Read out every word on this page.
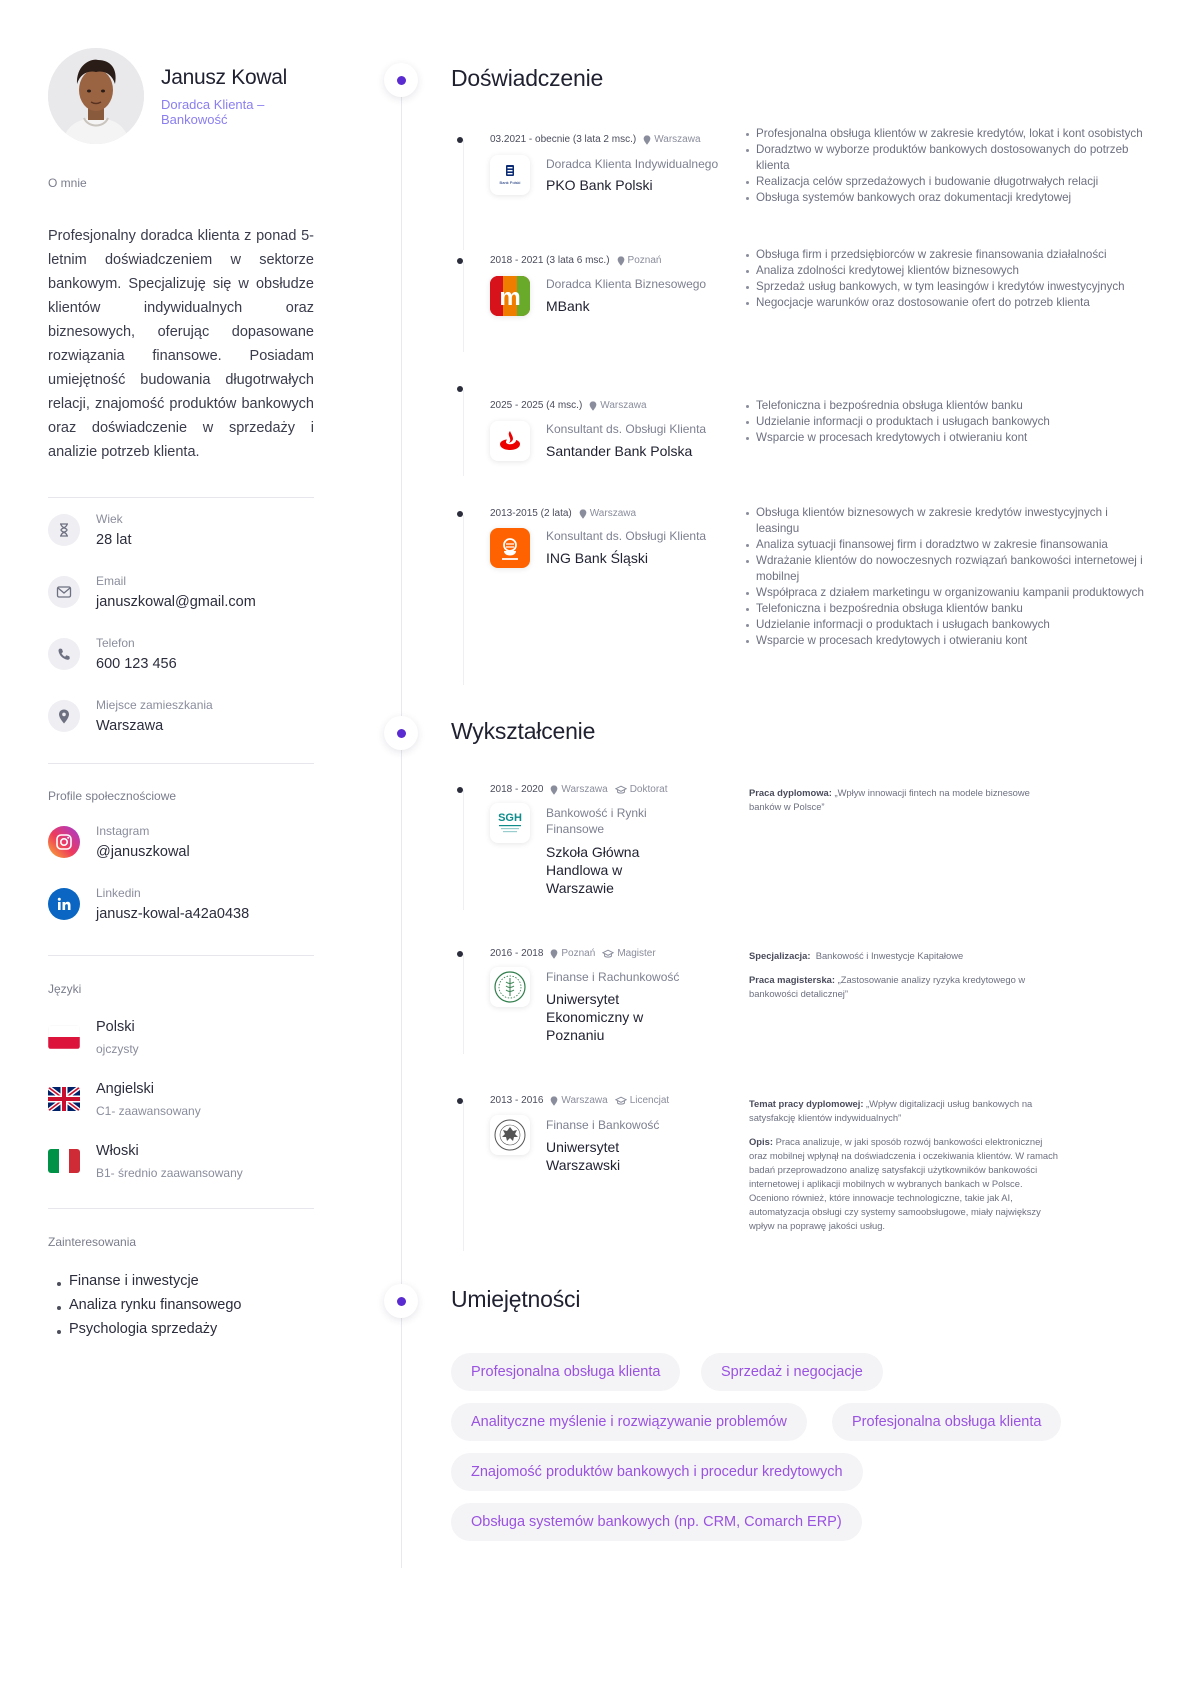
Janusz Kowal
Doradca Klienta – Bankowość
O mnie

Profesjonalny doradca klienta z ponad 5-letnim doświadczeniem w sektorze bankowym. Specjalizuję się w obsłudze klientów indywidualnych oraz biznesowych, oferując dopasowane rozwiązania finansowe. Posiadam umiejętność budowania długotrwałych relacji, znajomość produktów bankowych oraz doświadczenie w sprzedaży i analizie potrzeb klienta.

Wiek
28 lat
Email
januszkowal@gmail.com
Telefon
600 123 456
Miejsce zamieszkania
Warszawa
Profile społecznościowe
Instagram
@januszkowal
Linkedin
janusz-kowal-a42a0438
Języki
Polski
ojczysty
Angielski
C1- zaawansowany
Włoski
B1- średnio zaawansowany
Zainteresowania
Finanse i inwestycje
Analiza rynku finansowego
Psychologia sprzedaży
Doświadczenie
Wykształcenie
Umiejętności
03.2021 - obecnie
(3 lata 2 msc.) Warszawa
Bank Polski
Doradca Klienta Indywidualnego
PKO Bank Polski
Profesjonalna obsługa klientów w zakresie kredytów, lokat i kont osobistych
Doradztwo w wyborze produktów bankowych dostosowanych do potrzeb klienta
Realizacja celów sprzedażowych i budowanie długotrwałych relacji
Obsługa systemów bankowych oraz dokumentacji kredytowej
2018 - 2021
(3 lata 6 msc.) Poznań
m Doradca Klienta Biznesowego
MBank
Obsługa firm i przedsiębiorców w zakresie finansowania działalności
Analiza zdolności kredytowej klientów biznesowych
Sprzedaż usług bankowych, w tym leasingów i kredytów inwestycyjnych
Negocjacje warunków oraz dostosowanie ofert do potrzeb klienta
2025 - 2025
(4 msc.) Warszawa
Konsultant ds. Obsługi Klienta
Santander Bank Polska
Telefoniczna i bezpośrednia obsługa klientów banku
Udzielanie informacji o produktach i usługach bankowych
Wsparcie w procesach kredytowych i otwieraniu kont
2013-2015
(2 lata) Warszawa
Konsultant ds. Obsługi Klienta
ING Bank Śląski
Obsługa klientów biznesowych w zakresie kredytów inwestycyjnych i leasingu
Analiza sytuacji finansowej firm i doradztwo w zakresie finansowania
Wdrażanie klientów do nowoczesnych rozwiązań bankowości internetowej i mobilnej
Współpraca z działem marketingu w organizowaniu kampanii produktowych
Telefoniczna i bezpośrednia obsługa klientów banku
Udzielanie informacji o produktach i usługach bankowych
Wsparcie w procesach kredytowych i otwieraniu kont
2018 - 2020 Warszawa Doktorat
SGH Bankowość i Rynki Finansowe
Szkoła Główna Handlowa w Warszawie
Praca dyplomowa: „Wpływ innowacji fintech na modele biznesowe banków w Polsce”
2016 - 2018 Poznań Magister
Finanse i Rachunkowość
Uniwersytet Ekonomiczny w Poznaniu
Specjalizacja: Bankowość i Inwestycje Kapitałowe
Praca magisterska: „Zastosowanie analizy ryzyka kredytowego w bankowości detalicznej”
2013 - 2016 Warszawa Licencjat
Finanse i Bankowość
Uniwersytet Warszawski
Temat pracy dyplomowej: „Wpływ digitalizacji usług bankowych na satysfakcję klientów indywidualnych”
Opis: Praca analizuje, w jaki sposób rozwój bankowości elektronicznej oraz mobilnej wpłynął na doświadczenia i oczekiwania klientów. W ramach badań przeprowadzono analizę satysfakcji użytkowników bankowości internetowej i aplikacji mobilnych w wybranych bankach w Polsce. Oceniono również, które innowacje technologiczne, takie jak AI, automatyzacja obsługi czy systemy samoobsługowe, miały największy wpływ na poprawę jakości usług.
Profesjonalna obsługa klienta	Sprzedaż i negocjacje
Analityczne myślenie i rozwiązywanie problemów	Profesjonalna obsługa klienta
Znajomość produktów bankowych i procedur kredytowych
Obsługa systemów bankowych (np. CRM, Comarch ERP)
